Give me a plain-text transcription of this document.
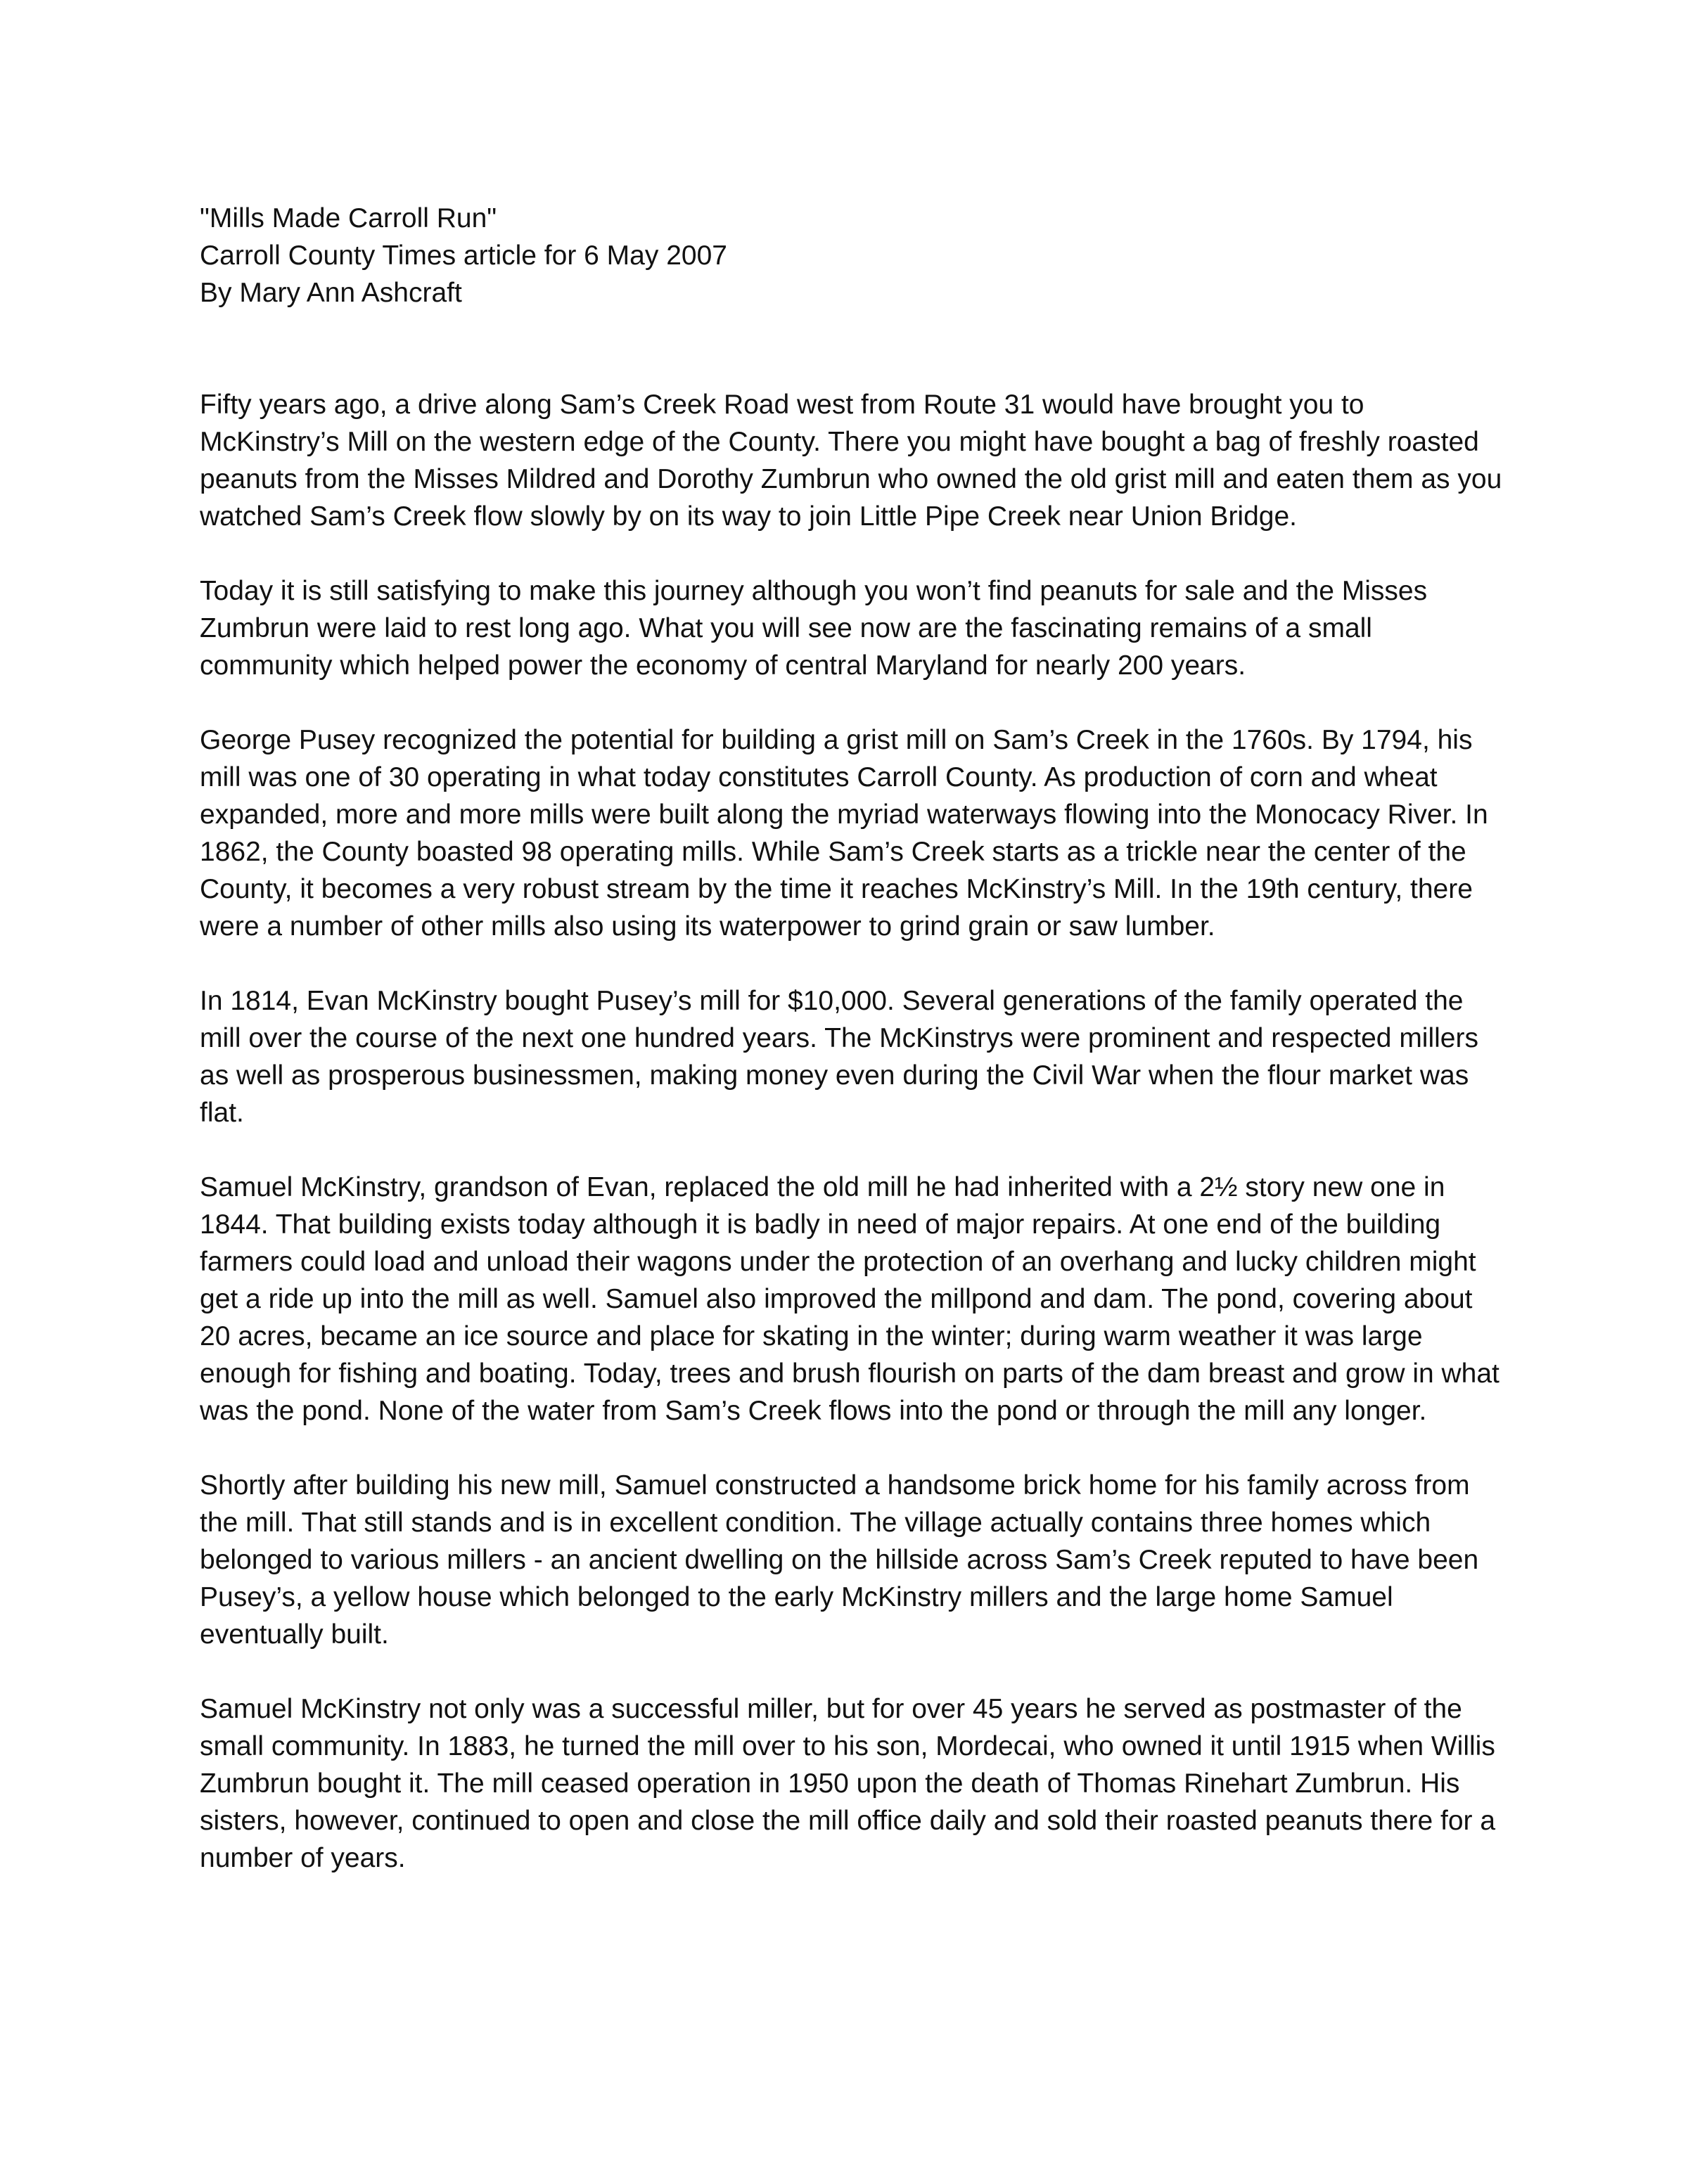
"Mills Made Carroll Run"

Carroll County Times article for 6 May 2007

By Mary Ann Ashcraft

Fifty years ago, a drive along Sam’s Creek Road west from Route 31 would have brought you to McKinstry’s Mill on the western edge of the County. There you might have bought a bag of freshly roasted peanuts from the Misses Mildred and Dorothy Zumbrun who owned the old grist mill and eaten them as you watched Sam’s Creek flow slowly by on its way to join Little Pipe Creek near Union Bridge.

Today it is still satisfying to make this journey although you won’t find peanuts for sale and the Misses Zumbrun were laid to rest long ago. What you will see now are the fascinating remains of a small community which helped power the economy of central Maryland for nearly 200 years.

George Pusey recognized the potential for building a grist mill on Sam’s Creek in the 1760s. By 1794, his mill was one of 30 operating in what today constitutes Carroll County. As production of corn and wheat expanded, more and more mills were built along the myriad waterways flowing into the Monocacy River. In 1862, the County boasted 98 operating mills. While Sam’s Creek starts as a trickle near the center of the County, it becomes a very robust stream by the time it reaches McKinstry’s Mill. In the 19th century, there were a number of other mills also using its waterpower to grind grain or saw lumber.

In 1814, Evan McKinstry bought Pusey’s mill for $10,000. Several generations of the family operated the mill over the course of the next one hundred years. The McKinstrys were prominent and respected millers as well as prosperous businessmen, making money even during the Civil War when the flour market was flat.

Samuel McKinstry, grandson of Evan, replaced the old mill he had inherited with a 2½ story new one in 1844. That building exists today although it is badly in need of major repairs. At one end of the building farmers could load and unload their wagons under the protection of an overhang and lucky children might get a ride up into the mill as well. Samuel also improved the millpond and dam. The pond, covering about 20 acres, became an ice source and place for skating in the winter; during warm weather it was large enough for fishing and boating. Today, trees and brush flourish on parts of the dam breast and grow in what was the pond. None of the water from Sam’s Creek flows into the pond or through the mill any longer.

Shortly after building his new mill, Samuel constructed a handsome brick home for his family across from the mill. That still stands and is in excellent condition. The village actually contains three homes which belonged to various millers - an ancient dwelling on the hillside across Sam’s Creek reputed to have been Pusey’s, a yellow house which belonged to the early McKinstry millers and the large home Samuel eventually built.

Samuel McKinstry not only was a successful miller, but for over 45 years he served as postmaster of the small community. In 1883, he turned the mill over to his son, Mordecai, who owned it until 1915 when Willis Zumbrun bought it. The mill ceased operation in 1950 upon the death of Thomas Rinehart Zumbrun. His sisters, however, continued to open and close the mill office daily and sold their roasted peanuts there for a number of years.
